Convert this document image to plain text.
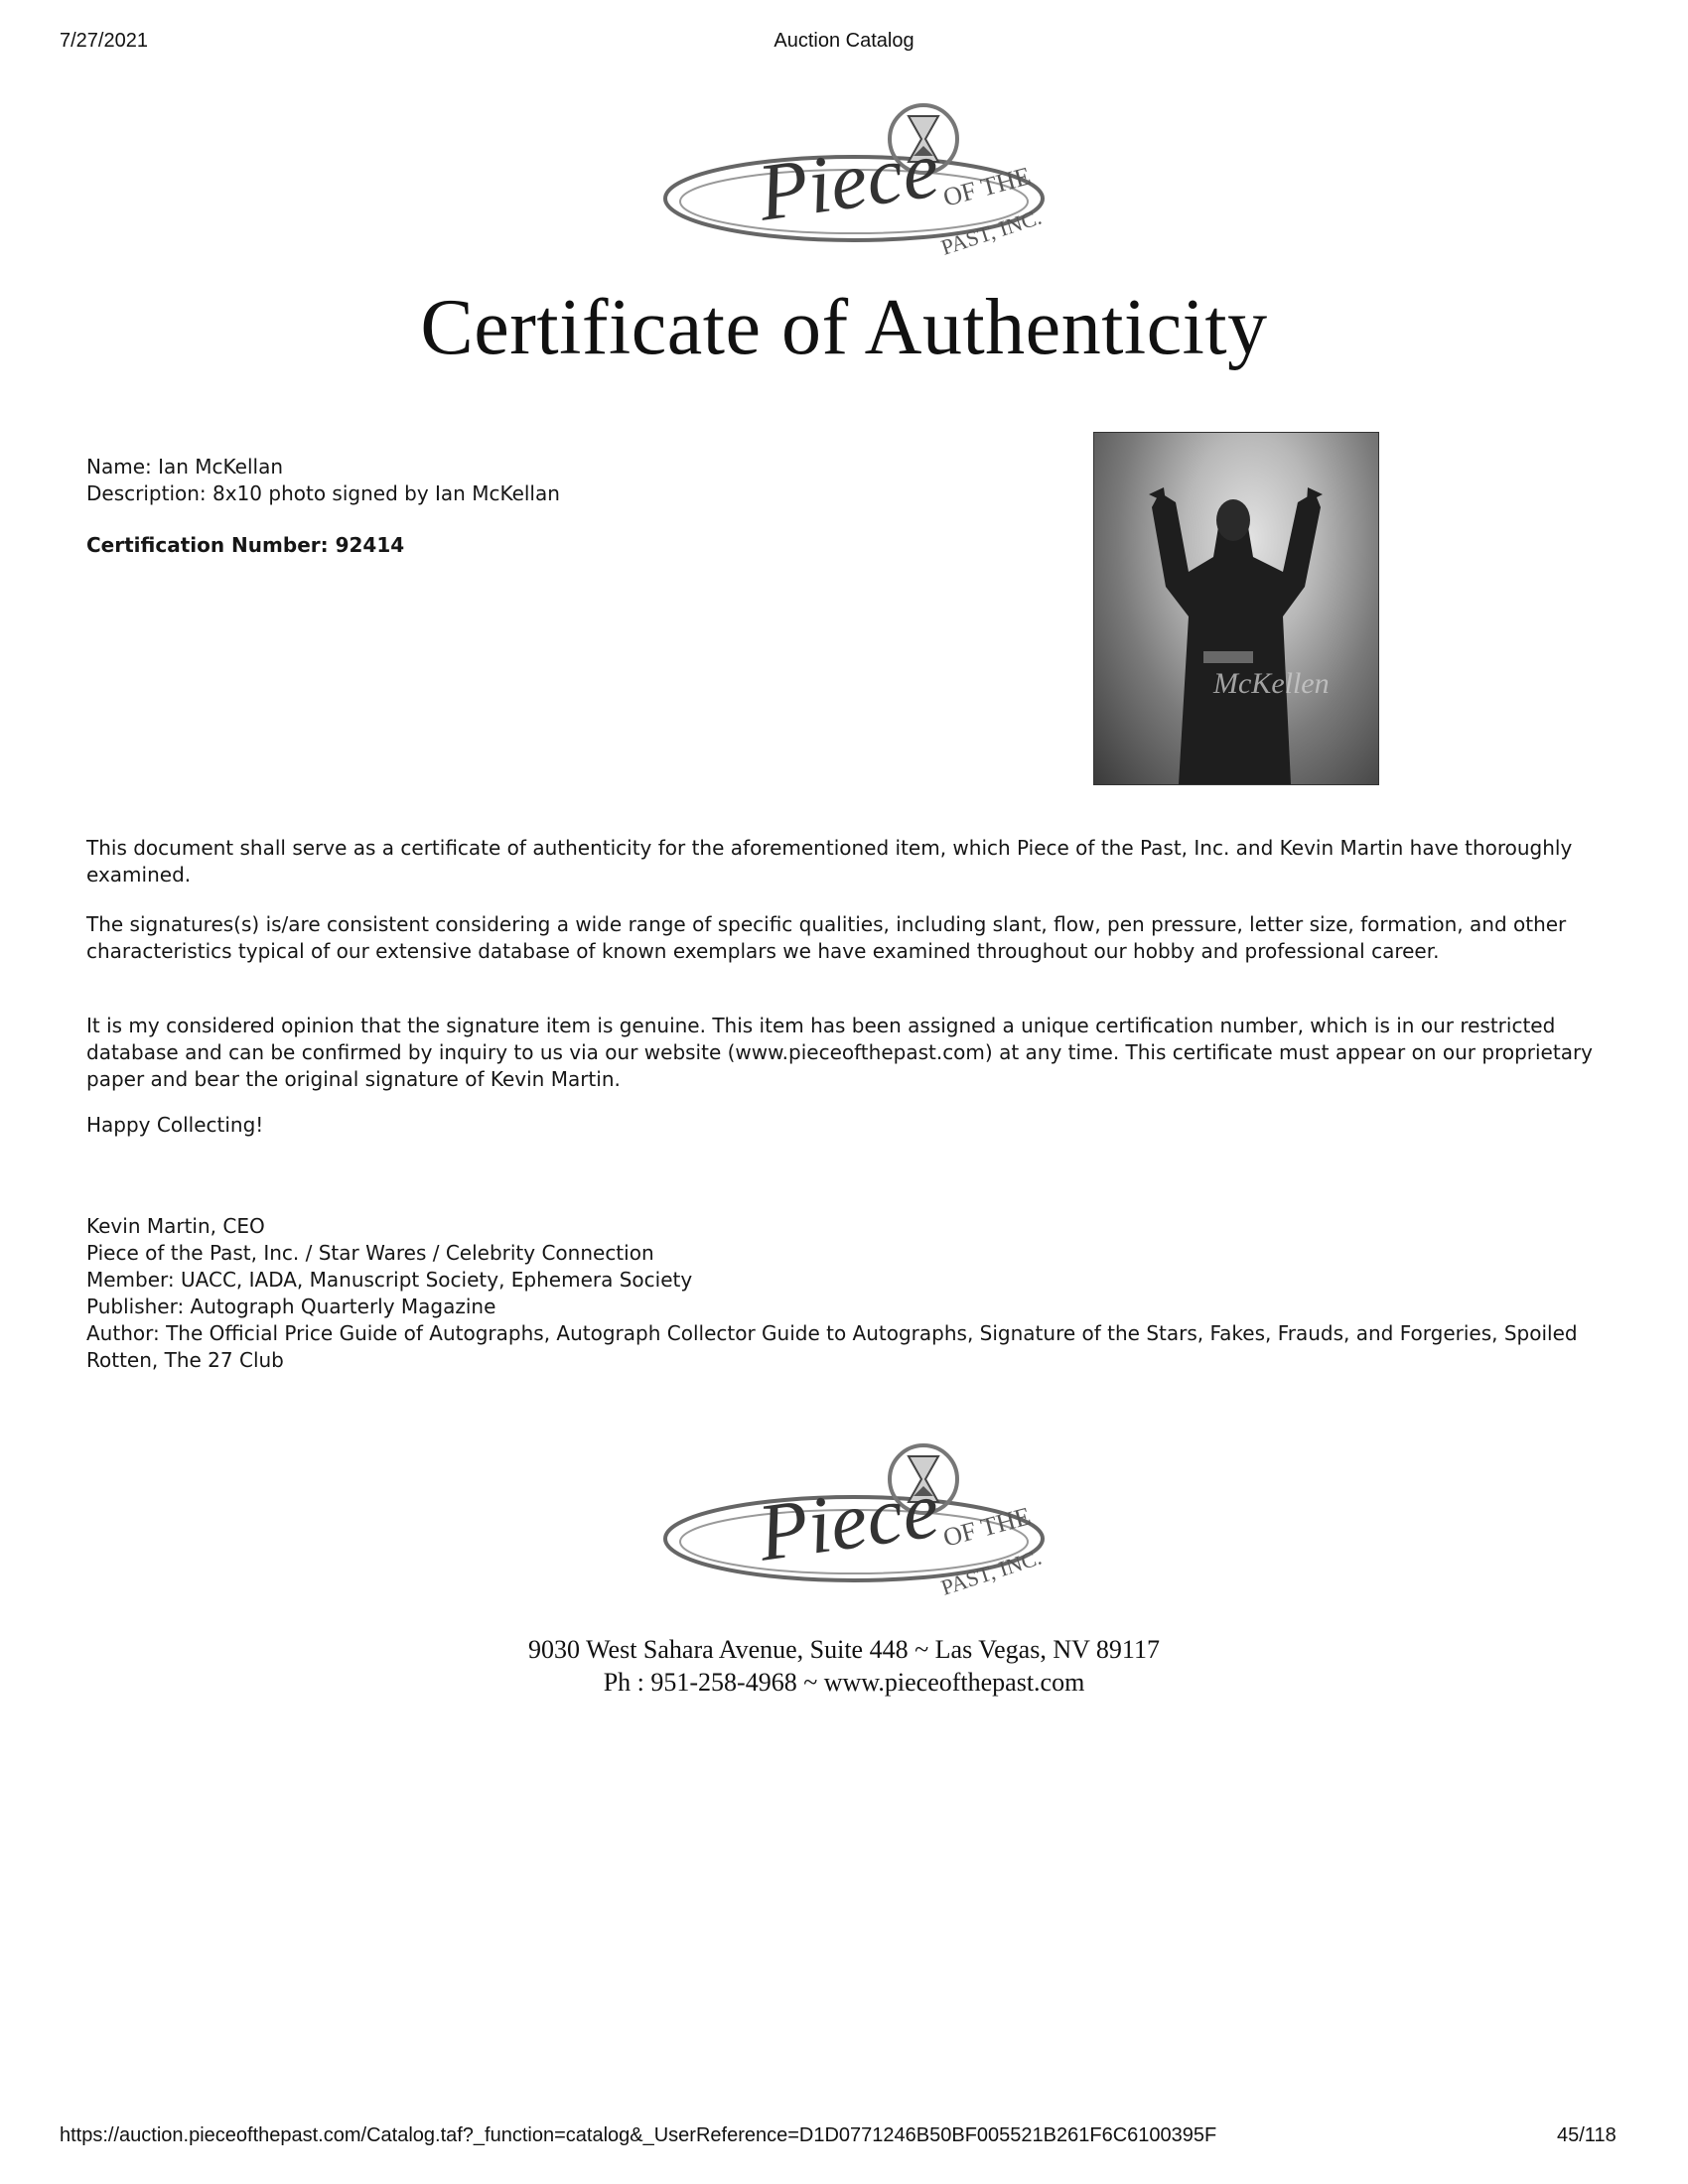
7/27/2021	Auction Catalog
Piece
OF THE
PAST, INC.
Certificate of Authenticity
Name: Ian McKellan
Description: 8x10 photo signed by Ian McKellan
Certification Number: 92414
McKellen
This document shall serve as a certificate of authenticity for the aforementioned item, which Piece of the Past, Inc. and Kevin Martin have thoroughly examined.
The signatures(s) is/are consistent considering a wide range of specific qualities, including slant, flow, pen pressure, letter size, formation, and other characteristics typical of our extensive database of known exemplars we have examined throughout our hobby and professional career.
It is my considered opinion that the signature item is genuine. This item has been assigned a unique certification number, which is in our restricted database and can be confirmed by inquiry to us via our website (www.pieceofthepast.com) at any time. This certificate must appear on our proprietary paper and bear the original signature of Kevin Martin.
Happy Collecting!
Kevin Martin, CEO
Piece of the Past, Inc. / Star Wares / Celebrity Connection
Member: UACC, IADA, Manuscript Society, Ephemera Society
Publisher: Autograph Quarterly Magazine
Author: The Official Price Guide of Autographs, Autograph Collector Guide to Autographs, Signature of the Stars, Fakes, Frauds, and Forgeries, Spoiled Rotten, The 27 Club
Piece
OF THE
PAST, INC.
9030 West Sahara Avenue, Suite 448 ~ Las Vegas, NV 89117
Ph : 951-258-4968 ~ www.pieceofthepast.com
https://auction.pieceofthepast.com/Catalog.taf?_function=catalog&_UserReference=D1D0771246B50BF005521B261F6C6100395F	45/118
